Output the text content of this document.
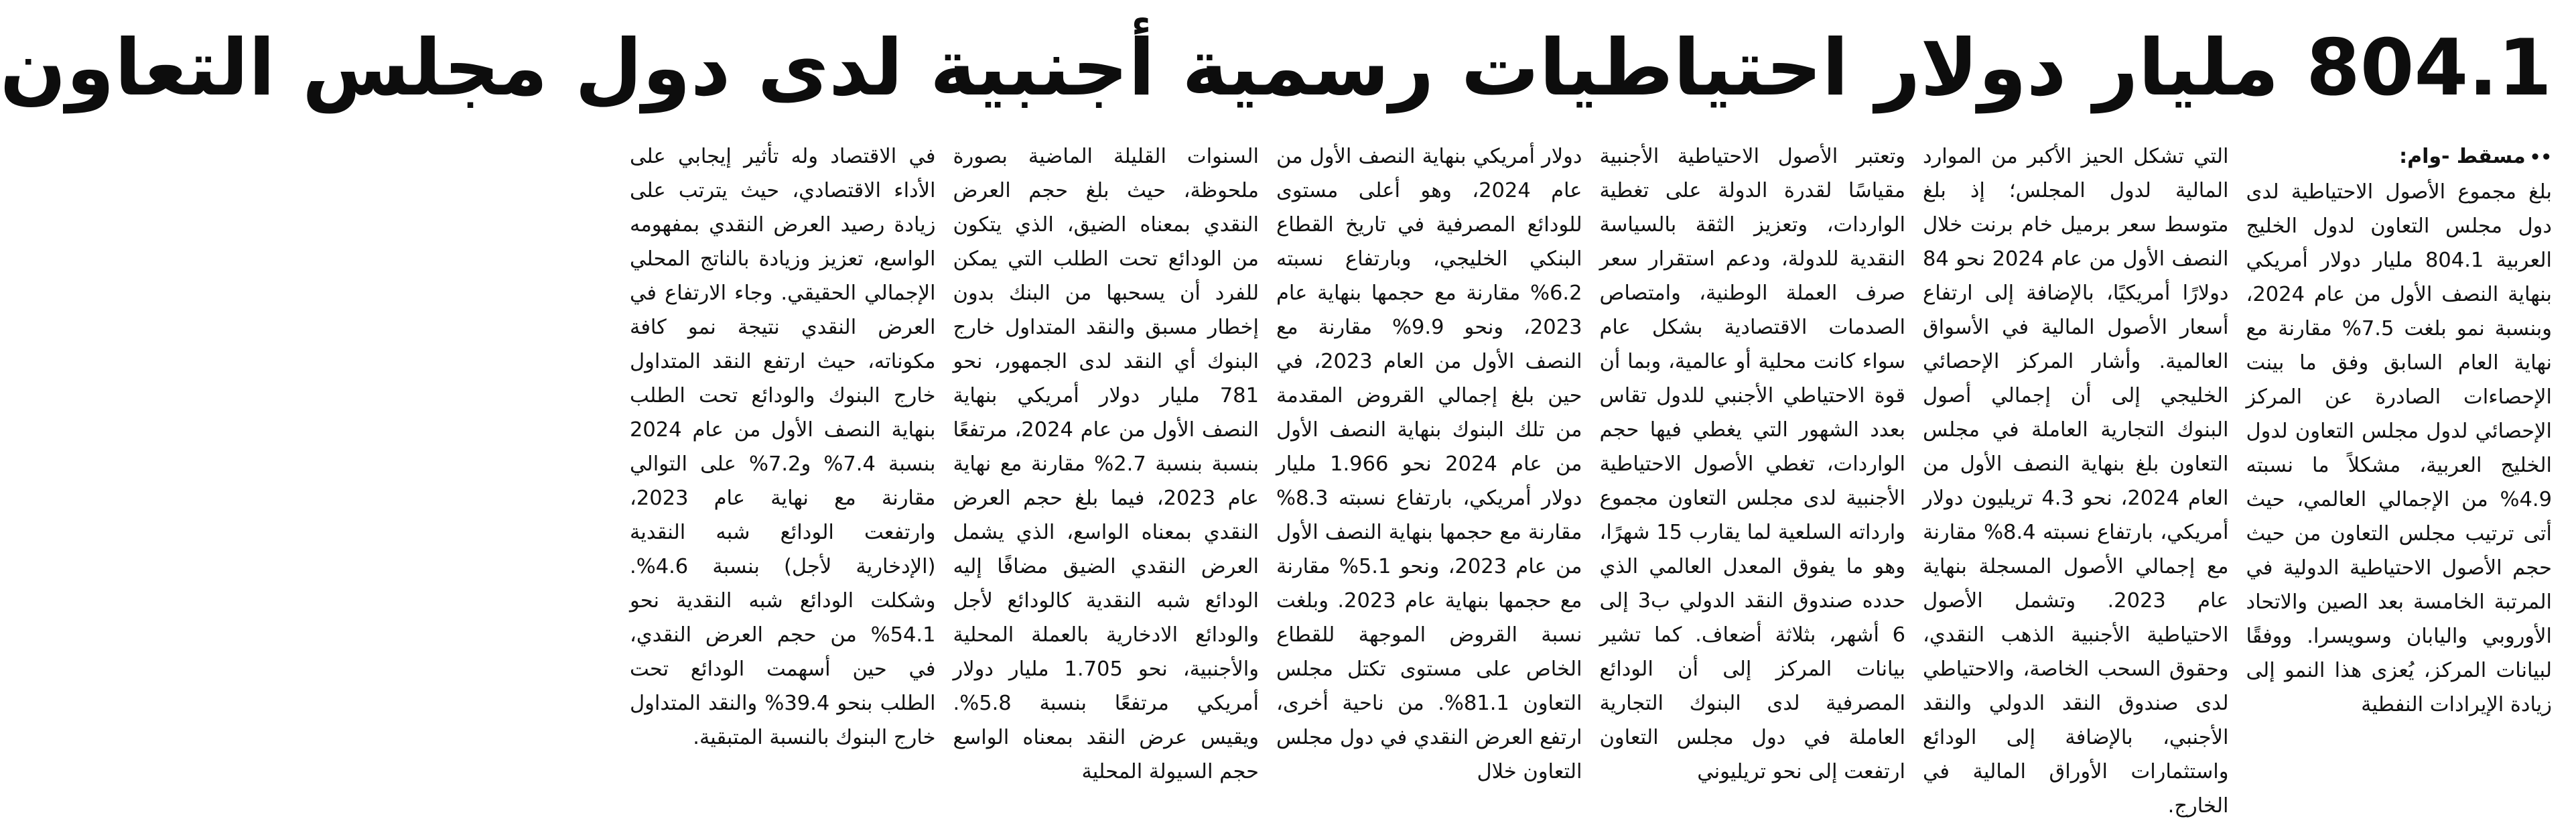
804.1 مليار دولار احتياطيات رسمية أجنبية لدى دول مجلس التعاون
••مسقط -وام:

بلغ مجموع الأصول الاحتياطية لدى دول مجلس التعاون لدول الخليج العربية 804.1 مليار دولار أمريكي بنهاية النصف الأول من عام 2024، وبنسبة نمو بلغت 7.5% مقارنة مع نهاية العام السابق وفق ما بينت الإحصاءات الصادرة عن المركز الإحصائي لدول مجلس التعاون لدول الخليج العربية، مشكلاً ما نسبته 4.9% من الإجمالي العالمي، حيث أتى ترتيب مجلس التعاون من حيث حجم الأصول الاحتياطية الدولية في المرتبة الخامسة بعد الصين والاتحاد الأوروبي واليابان وسويسرا. ووفقًا لبيانات المركز، يُعزى هذا النمو إلى زيادة الإيرادات النفطية

التي تشكل الحيز الأكبر من الموارد المالية لدول المجلس؛ إذ بلغ متوسط سعر برميل خام برنت خلال النصف الأول من عام 2024 نحو 84 دولارًا أمريكيًا، بالإضافة إلى ارتفاع أسعار الأصول المالية في الأسواق العالمية. وأشار المركز الإحصائي الخليجي إلى أن إجمالي أصول البنوك التجارية العاملة في مجلس التعاون بلغ بنهاية النصف الأول من العام 2024، نحو 4.3 تريليون دولار أمريكي، بارتفاع نسبته 8.4% مقارنة مع إجمالي الأصول المسجلة بنهاية عام 2023. وتشمل الأصول الاحتياطية الأجنبية الذهب النقدي، وحقوق السحب الخاصة، والاحتياطي لدى صندوق النقد الدولي والنقد الأجنبي، بالإضافة إلى الودائع واستثمارات الأوراق المالية في الخارج.

وتعتبر الأصول الاحتياطية الأجنبية مقياسًا لقدرة الدولة على تغطية الواردات، وتعزيز الثقة بالسياسة النقدية للدولة، ودعم استقرار سعر صرف العملة الوطنية، وامتصاص الصدمات الاقتصادية بشكل عام سواء كانت محلية أو عالمية، وبما أن قوة الاحتياطي الأجنبي للدول تقاس بعدد الشهور التي يغطي فيها حجم الواردات، تغطي الأصول الاحتياطية الأجنبية لدى مجلس التعاون مجموع وارداته السلعية لما يقارب 15 شهرًا، وهو ما يفوق المعدل العالمي الذي حدده صندوق النقد الدولي ب3 إلى 6 أشهر، بثلاثة أضعاف. كما تشير بيانات المركز إلى أن الودائع المصرفية لدى البنوك التجارية العاملة في دول مجلس التعاون ارتفعت إلى نحو تريليوني

دولار أمريكي بنهاية النصف الأول من عام 2024، وهو أعلى مستوى للودائع المصرفية في تاريخ القطاع البنكي الخليجي، وبارتفاع نسبته 6.2% مقارنة مع حجمها بنهاية عام 2023، ونحو 9.9% مقارنة مع النصف الأول من العام 2023، في حين بلغ إجمالي القروض المقدمة من تلك البنوك بنهاية النصف الأول من عام 2024 نحو 1.966 مليار دولار أمريكي، بارتفاع نسبته 8.3% مقارنة مع حجمها بنهاية النصف الأول من عام 2023، ونحو 5.1% مقارنة مع حجمها بنهاية عام 2023. وبلغت نسبة القروض الموجهة للقطاع الخاص على مستوى تكتل مجلس التعاون 81.1%. من ناحية أخرى، ارتفع العرض النقدي في دول مجلس التعاون خلال

السنوات القليلة الماضية بصورة ملحوظة، حيث بلغ حجم العرض النقدي بمعناه الضيق، الذي يتكون من الودائع تحت الطلب التي يمكن للفرد أن يسحبها من البنك بدون إخطار مسبق والنقد المتداول خارج البنوك أي النقد لدى الجمهور، نحو 781 مليار دولار أمريكي بنهاية النصف الأول من عام 2024، مرتفعًا بنسبة بنسبة 2.7% مقارنة مع نهاية عام 2023، فيما بلغ حجم العرض النقدي بمعناه الواسع، الذي يشمل العرض النقدي الضيق مضافًا إليه الودائع شبه النقدية كالودائع لأجل والودائع الادخارية بالعملة المحلية والأجنبية، نحو 1.705 مليار دولار أمريكي مرتفعًا بنسبة 5.8%. ويقيس عرض النقد بمعناه الواسع حجم السيولة المحلية

في الاقتصاد وله تأثير إيجابي على الأداء الاقتصادي، حيث يترتب على زيادة رصيد العرض النقدي بمفهومه الواسع، تعزيز وزيادة بالناتج المحلي الإجمالي الحقيقي. وجاء الارتفاع في العرض النقدي نتيجة نمو كافة مكوناته، حيث ارتفع النقد المتداول خارج البنوك والودائع تحت الطلب بنهاية النصف الأول من عام 2024 بنسبة 7.4% و7.2% على التوالي مقارنة مع نهاية عام 2023، وارتفعت الودائع شبه النقدية (الإدخارية لأجل) بنسبة 4.6%. وشكلت الودائع شبه النقدية نحو 54.1% من حجم العرض النقدي، في حين أسهمت الودائع تحت الطلب بنحو 39.4% والنقد المتداول خارج البنوك بالنسبة المتبقية.
